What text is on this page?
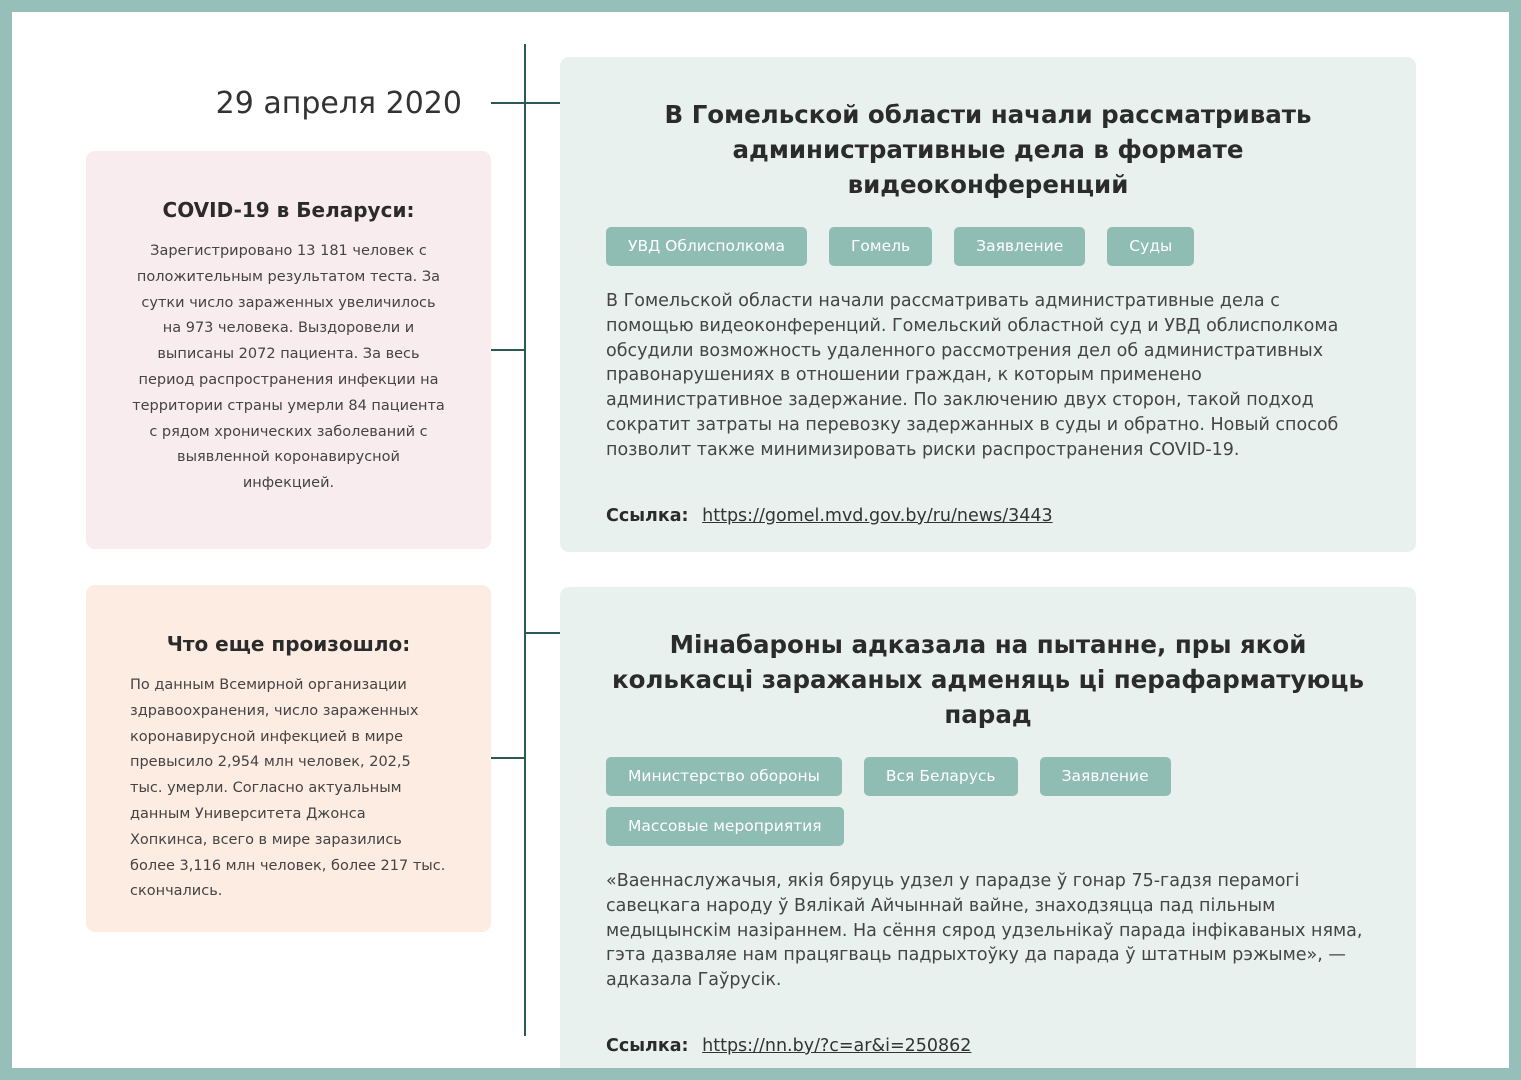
29 апреля 2020
COVID-19 в Беларуси:

Зарегистрировано 13 181 человек с положительным результатом теста. За сутки число зараженных увеличилось на 973 человека. Выздоровели и выписаны 2072 пациента. За весь период распространения инфекции на территории страны умерли 84 пациента с рядом хронических заболеваний с выявленной коронавирусной инфекцией.

Что еще произошло:

По данным Всемирной организации здравоохранения, число зараженных коронавирусной инфекцией в мире превысило 2,954 млн человек, 202,5 тыс. умерли. Согласно актуальным данным Университета Джонса Хопкинса, всего в мире заразились более 3,116 млн человек, более 217 тыс. скончались.

В Гомельской области начали рассматривать административные дела в формате видеоконференций
УВД Облисполкома	Гомель	Заявление	Суды
В Гомельской области начали рассматривать административные дела с помощью видеоконференций. Гомельский областной суд и УВД облисполкома обсудили возможность удаленного рассмотрения дел об административных правонарушениях в отношении граждан, к которым применено административное задержание. По заключению двух сторон, такой подход сократит затраты на перевозку задержанных в суды и обратно. Новый способ позволит также минимизировать риски распространения COVID-19.
Ссылка: https://gomel.mvd.gov.by/ru/news/3443
Мінабароны адказала на пытанне, пры якой колькасці заражаных адменяць ці перафарматуюць парад
Министерство обороны	Вся Беларусь	Заявление
Массовые мероприятия
«Ваеннаслужачыя, якія бяруць удзел у парадзе ў гонар 75-гадзя перамогі савецкага народу ў Вялікай Айчыннай вайне, знаходзяцца пад пільным медыцынскім назіраннем. На сёння сярод удзельнікаў парада інфікаваных няма, гэта дазваляе нам працягваць падрыхтоўку да парада ў штатным рэжыме», — адказала Гаўрусік.
Ссылка: https://nn.by/?c=ar&i=250862
